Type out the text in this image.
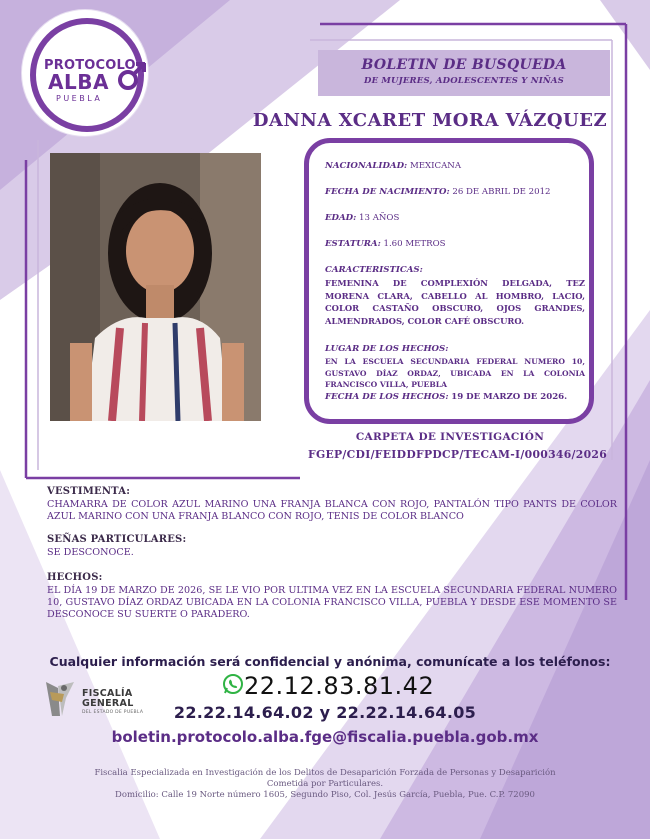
PROTOCOLO
ALBA
PUEBLA
BOLETIN DE BUSQUEDA
DE MUJERES, ADOLESCENTES Y NIÑAS
DANNA XCARET MORA VÁZQUEZ
NACIONALIDAD: MEXICANA
FECHA DE NACIMIENTO: 26 DE ABRIL DE 2012
EDAD: 13 AÑOS
ESTATURA: 1.60 METROS
CARACTERISTICAS:
FEMENINA DE COMPLEXIÓN DELGADA, TEZ MORENA CLARA, CABELLO AL HOMBRO, LACIO, COLOR CASTAÑO OBSCURO, OJOS GRANDES, ALMENDRADOS, COLOR CAFÉ OBSCURO.
LUGAR DE LOS HECHOS:
EN LA ESCUELA SECUNDARIA FEDERAL NUMERO 10, GUSTAVO DÍAZ ORDAZ, UBICADA EN LA COLONIA FRANCISCO VILLA, PUEBLA
FECHA DE LOS HECHOS: 19 DE MARZO DE 2026.
CARPETA DE INVESTIGACIÓN
FGEP/CDI/FEIDDFPDCP/TECAM-I/000346/2026
VESTIMENTA:
CHAMARRA DE COLOR AZUL MARINO UNA FRANJA BLANCA CON ROJO, PANTALÓN TIPO PANTS DE COLOR AZUL MARINO CON UNA FRANJA BLANCO CON ROJO, TENIS DE COLOR BLANCO
SEÑAS PARTICULARES:
SE DESCONOCE.
HECHOS:
EL DÍA 19 DE MARZO DE 2026, SE LE VIO POR ULTIMA VEZ EN LA ESCUELA SECUNDARIA FEDERAL NUMERO 10, GUSTAVO DÍAZ ORDAZ UBICADA EN LA COLONIA FRANCISCO VILLA, PUEBLA Y DESDE ESE MOMENTO SE DESCONOCE SU SUERTE O PARADERO.
Cualquier información será confidencial y anónima, comunícate a los teléfonos:
22.12.83.81.42
22.22.14.64.02 y 22.22.14.64.05
boletin.protocolo.alba.fge@fiscalia.puebla.gob.mx
FISCALÍA
GENERAL
DEL ESTADO DE PUEBLA
Fiscalia Especializada en Investigación de los Delitos de Desaparición Forzada de Personas y Desaparición
Cometida por Particulares.
Domicilio: Calle 19 Norte número 1605, Segundo Piso, Col. Jesús García, Puebla, Pue. C.P. 72090
